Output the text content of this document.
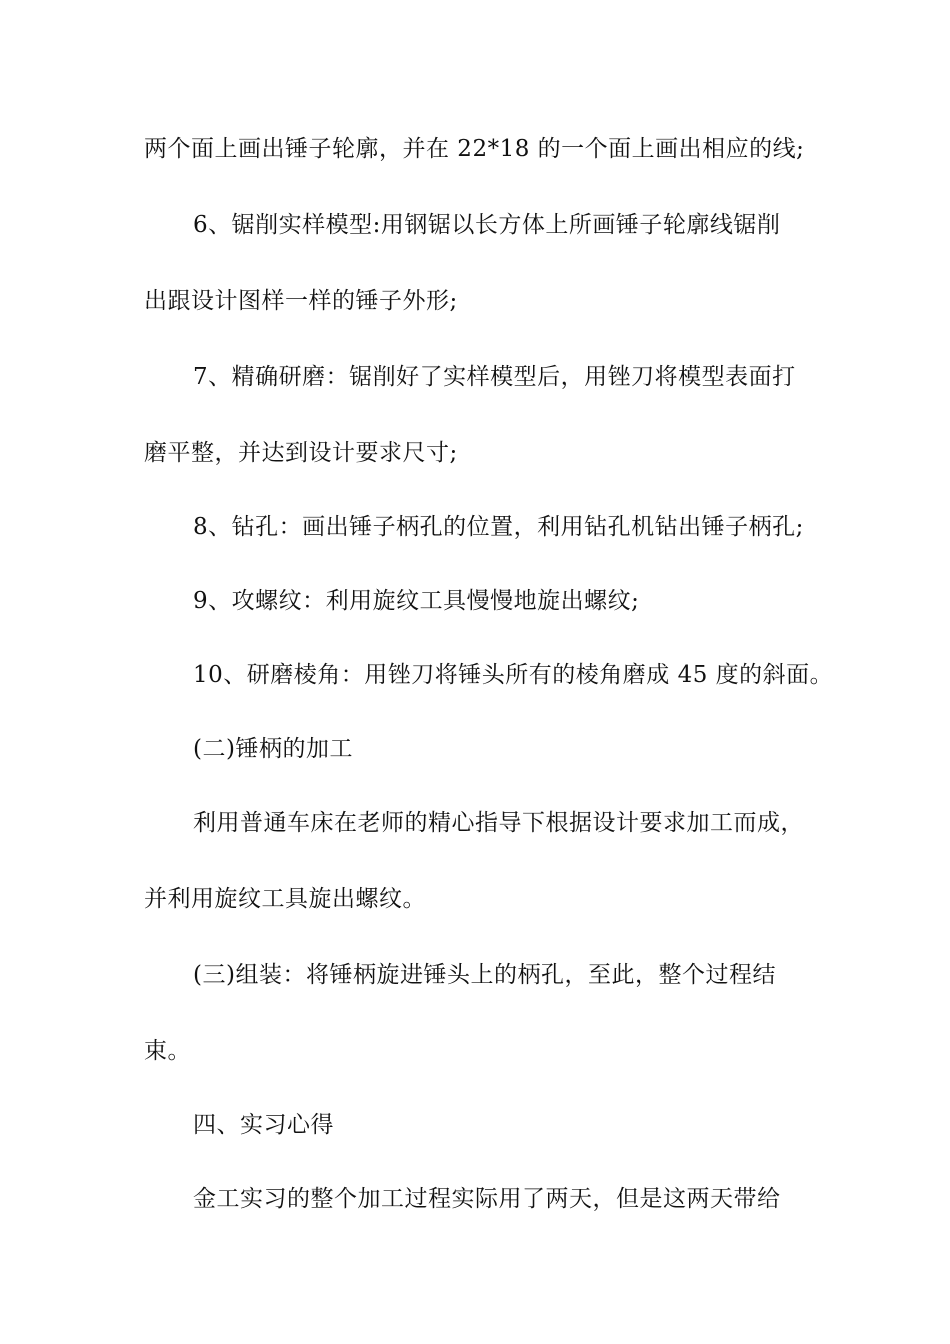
两个面上画出锤子轮廓，并在 22*18 的一个面上画出相应的线;
6、锯削实样模型:用钢锯以长方体上所画锤子轮廓线锯削
出跟设计图样一样的锤子外形;
7、精确研磨：锯削好了实样模型后，用锉刀将模型表面打
磨平整，并达到设计要求尺寸;
8、钻孔：画出锤子柄孔的位置，利用钻孔机钻出锤子柄孔;
9、攻螺纹：利用旋纹工具慢慢地旋出螺纹;
10、研磨棱角：用锉刀将锤头所有的棱角磨成 45 度的斜面。
(二)锤柄的加工
利用普通车床在老师的精心指导下根据设计要求加工而成，
并利用旋纹工具旋出螺纹。
(三)组装：将锤柄旋进锤头上的柄孔，至此，整个过程结
束。
四、实习心得
金工实习的整个加工过程实际用了两天，但是这两天带给
